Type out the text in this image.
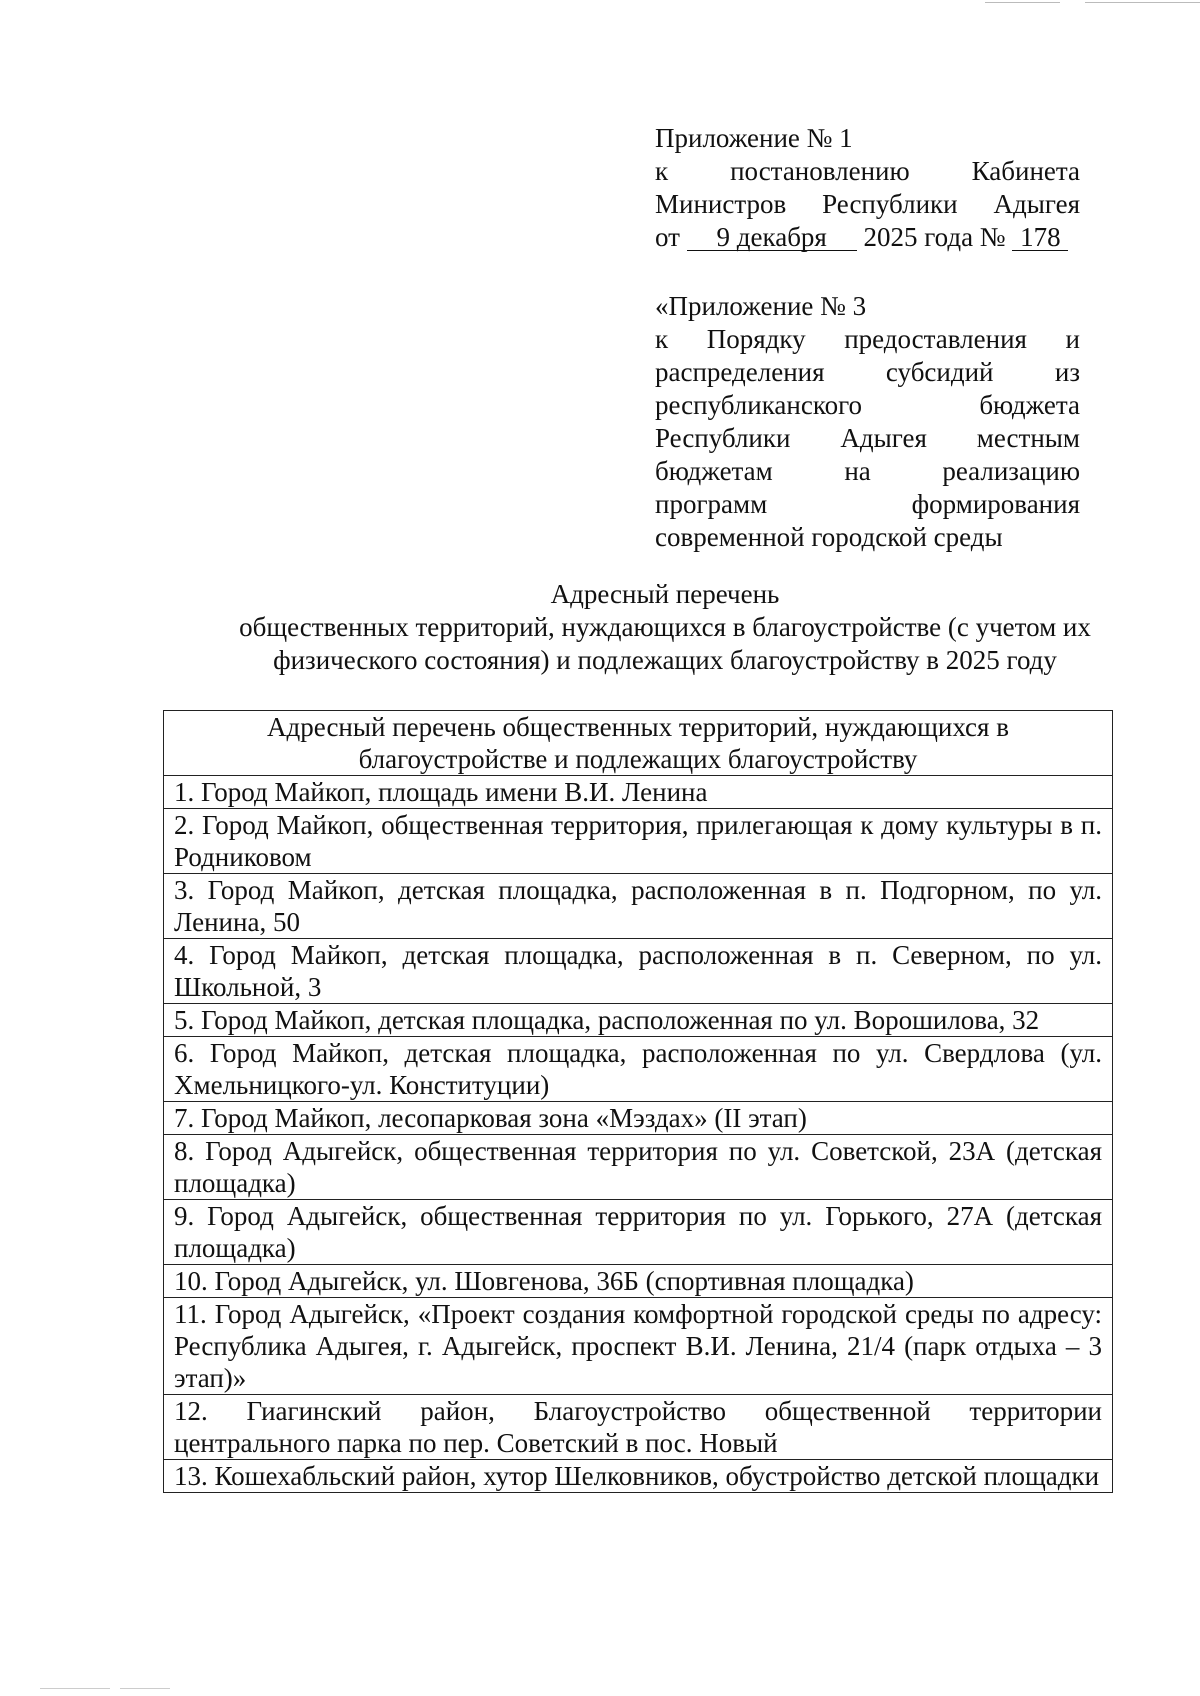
Приложение № 1
к постановлению Кабинета
Министров Республики Адыгея
от 9 декабря 2025 года № 178
«Приложение № 3
к Порядку предоставления и
распределения субсидий из
республиканского бюджета
Республики Адыгея местным
бюджетам на реализацию
программ формирования
современной городской среды
Адресный перечень
общественных территорий, нуждающихся в благоустройстве (с учетом их
физического состояния) и подлежащих благоустройству в 2025 году
Адресный перечень общественных территорий, нуждающихся в благоустройстве и подлежащих благоустройству
1. Город Майкоп, площадь имени В.И. Ленина
2. Город Майкоп, общественная территория, прилегающая к дому культуры в п. Родниковом
3. Город Майкоп, детская площадка, расположенная в п. Подгорном, по ул. Ленина, 50
4. Город Майкоп, детская площадка, расположенная в п. Северном, по ул. Школьной, 3
5. Город Майкоп, детская площадка, расположенная по ул. Ворошилова, 32
6. Город Майкоп, детская площадка, расположенная по ул. Свердлова (ул. Хмельницкого-ул. Конституции)
7. Город Майкоп, лесопарковая зона «Мэздах» (II этап)
8. Город Адыгейск, общественная территория по ул. Советской, 23А (детская площадка)
9. Город Адыгейск, общественная территория по ул. Горького, 27А (детская площадка)
10. Город Адыгейск, ул. Шовгенова, 36Б (спортивная площадка)
11. Город Адыгейск, «Проект создания комфортной городской среды по адресу: Республика Адыгея, г. Адыгейск, проспект В.И. Ленина, 21/4 (парк отдыха – 3 этап)»
12. Гиагинский район, Благоустройство общественной территории центрального парка по пер. Советский в пос. Новый
13. Кошехабльский район, хутор Шелковников, обустройство детской площадки
